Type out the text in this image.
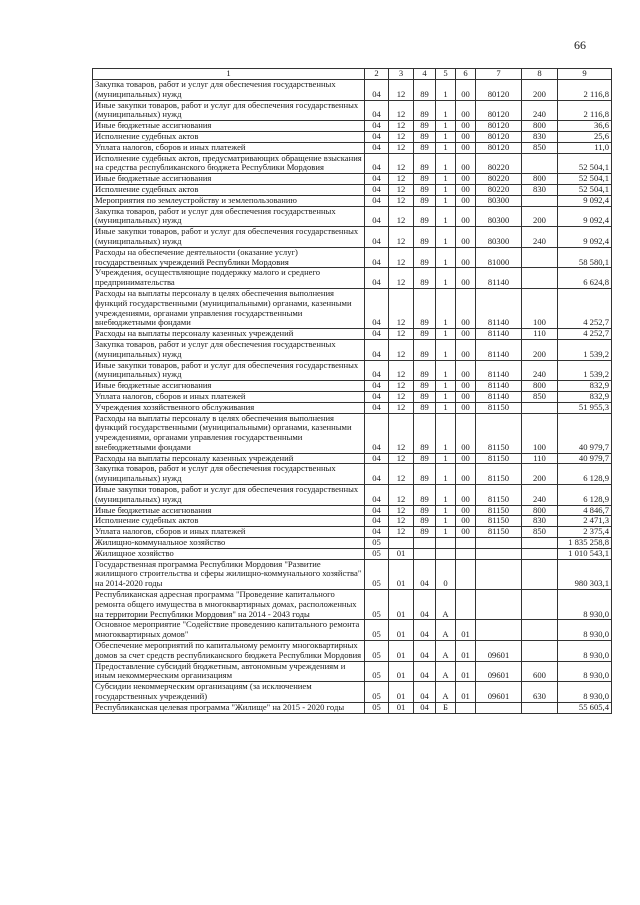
66
1	2	3	4	5	6	7	8	9
Закупка товаров, работ и услуг для обеспечения государственных (муниципальных) нужд	04	12	89	1	00	80120	200	2 116,8
Иные закупки товаров, работ и услуг для обеспечения государственных (муниципальных) нужд	04	12	89	1	00	80120	240	2 116,8
Иные бюджетные ассигнования	04	12	89	1	00	80120	800	36,6
Исполнение судебных актов	04	12	89	1	00	80120	830	25,6
Уплата налогов, сборов и иных платежей	04	12	89	1	00	80120	850	11,0
Исполнение судебных актов, предусматривающих обращение взыскания на средства республиканского бюджета Республики Мордовия	04	12	89	1	00	80220		52 504,1
Иные бюджетные ассигнования	04	12	89	1	00	80220	800	52 504,1
Исполнение судебных актов	04	12	89	1	00	80220	830	52 504,1
Мероприятия по землеустройству и землепользованию	04	12	89	1	00	80300		9 092,4
Закупка товаров, работ и услуг для обеспечения государственных (муниципальных) нужд	04	12	89	1	00	80300	200	9 092,4
Иные закупки товаров, работ и услуг для обеспечения государственных (муниципальных) нужд	04	12	89	1	00	80300	240	9 092,4
Расходы на обеспечение деятельности (оказание услуг) государственных учреждений Республики Мордовия	04	12	89	1	00	81000		58 580,1
Учреждения, осуществляющие поддержку малого и среднего предпринимательства	04	12	89	1	00	81140		6 624,8
Расходы на выплаты персоналу в целях обеспечения выполнения функций государственными (муниципальными) органами, казенными учреждениями, органами управления государственными внебюджетными фондами	04	12	89	1	00	81140	100	4 252,7
Расходы на выплаты персоналу казенных учреждений	04	12	89	1	00	81140	110	4 252,7
Закупка товаров, работ и услуг для обеспечения государственных (муниципальных) нужд	04	12	89	1	00	81140	200	1 539,2
Иные закупки товаров, работ и услуг для обеспечения государственных (муниципальных) нужд	04	12	89	1	00	81140	240	1 539,2
Иные бюджетные ассигнования	04	12	89	1	00	81140	800	832,9
Уплата налогов, сборов и иных платежей	04	12	89	1	00	81140	850	832,9
Учреждения хозяйственного обслуживания	04	12	89	1	00	81150		51 955,3
Расходы на выплаты персоналу в целях обеспечения выполнения функций государственными (муниципальными) органами, казенными учреждениями, органами управления государственными внебюджетными фондами	04	12	89	1	00	81150	100	40 979,7
Расходы на выплаты персоналу казенных учреждений	04	12	89	1	00	81150	110	40 979,7
Закупка товаров, работ и услуг для обеспечения государственных (муниципальных) нужд	04	12	89	1	00	81150	200	6 128,9
Иные закупки товаров, работ и услуг для обеспечения государственных (муниципальных) нужд	04	12	89	1	00	81150	240	6 128,9
Иные бюджетные ассигнования	04	12	89	1	00	81150	800	4 846,7
Исполнение судебных актов	04	12	89	1	00	81150	830	2 471,3
Уплата налогов, сборов и иных платежей	04	12	89	1	00	81150	850	2 375,4
Жилищно-коммунальное хозяйство	05							1 835 258,8
Жилищное хозяйство	05	01						1 010 543,1
Государственная программа Республики Мордовия "Развитие жилищного строительства и сферы жилищно-коммунального хозяйства" на 2014-2020 годы	05	01	04	0				980 303,1
Республиканская адресная программа "Проведение капитального ремонта общего имущества в многоквартирных домах, расположенных на территории Республики Мордовия" на 2014 - 2043 годы	05	01	04	А				8 930,0
Основное мероприятие "Содействие проведению капитального ремонта многоквартирных домов"	05	01	04	А	01			8 930,0
Обеспечение мероприятий по капитальному ремонту многоквартирных домов за счет средств республиканского бюджета Республики Мордовия	05	01	04	А	01	09601		8 930,0
Предоставление субсидий бюджетным, автономным учреждениям и иным некоммерческим организациям	05	01	04	А	01	09601	600	8 930,0
Субсидии некоммерческим организациям (за исключением государственных учреждений)	05	01	04	А	01	09601	630	8 930,0
Республиканская целевая программа "Жилище" на 2015 - 2020 годы	05	01	04	Б				55 605,4
